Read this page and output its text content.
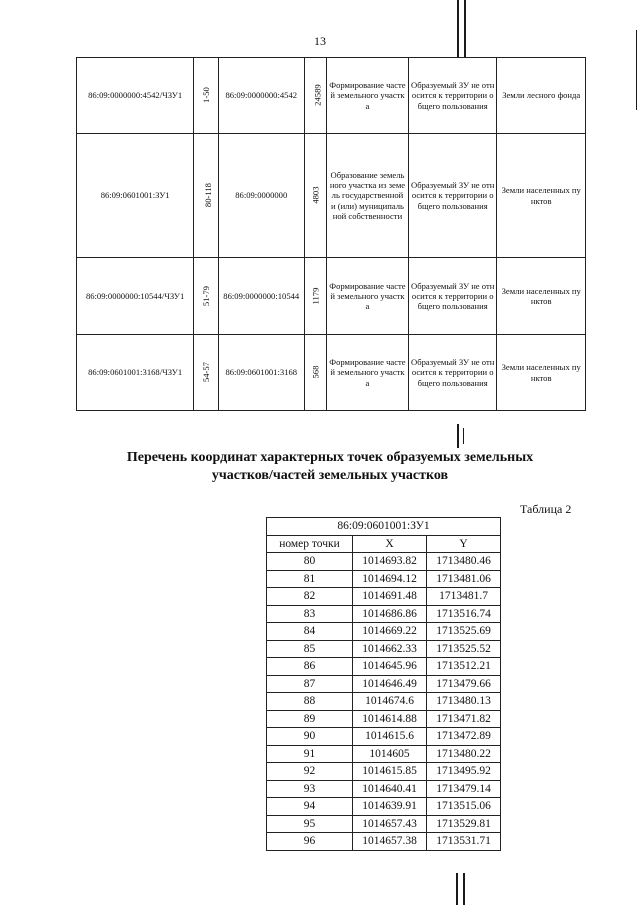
13
86:09:0000000:4542/ЧЗУ1	1-50	86:09:0000000:4542	24589	Формирование частей земельного участка	Образуемый ЗУ не относится к территории общего пользования	Земли лесного фонда
86:09:0601001:ЗУ1	80-118	86:09:0000000	4803	Образование земельного участка из земель государственной и (или) муниципальной собственности	Образуемый ЗУ не относится к территории общего пользования	Земли населенных пунктов
86:09:0000000:10544/ЧЗУ1	51-79	86:09:0000000:10544	1179	Формирование частей земельного участка	Образуемый ЗУ не относится к территории общего пользования	Земли населенных пунктов
86:09:0601001:3168/ЧЗУ1	54-57	86:09:0601001:3168	568	Формирование частей земельного участка	Образуемый ЗУ не относится к территории общего пользования	Земли населенных пунктов
Перечень координат характерных точек образуемых земельных
участков/частей земельных участков
Таблица 2
86:09:0601001:ЗУ1		
номер точки	X	Y
80	1014693.82	1713480.46
81	1014694.12	1713481.06
82	1014691.48	1713481.7
83	1014686.86	1713516.74
84	1014669.22	1713525.69
85	1014662.33	1713525.52
86	1014645.96	1713512.21
87	1014646.49	1713479.66
88	1014674.6	1713480.13
89	1014614.88	1713471.82
90	1014615.6	1713472.89
91	1014605	1713480.22
92	1014615.85	1713495.92
93	1014640.41	1713479.14
94	1014639.91	1713515.06
95	1014657.43	1713529.81
96	1014657.38	1713531.71
